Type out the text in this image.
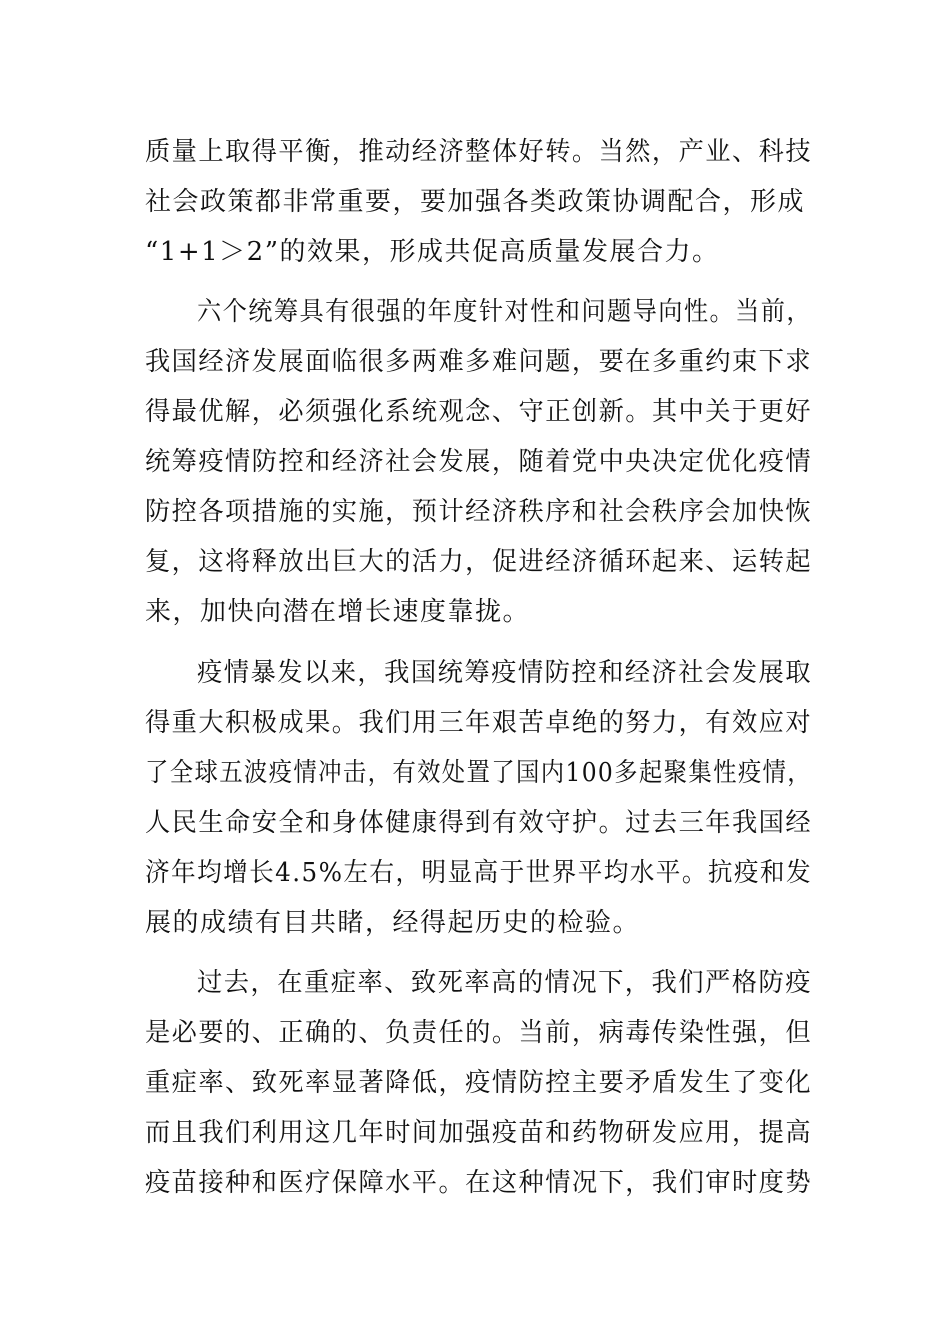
质量上取得平衡，推动经济整体好转。当然，产业、科技
社会政策都非常重要，要加强各类政策协调配合，形成
“1+1＞2”的效果，形成共促高质量发展合力。
六个统筹具有很强的年度针对性和问题导向性。当前，
我国经济发展面临很多两难多难问题，要在多重约束下求
得最优解，必须强化系统观念、守正创新。其中关于更好
统筹疫情防控和经济社会发展，随着党中央决定优化疫情
防控各项措施的实施，预计经济秩序和社会秩序会加快恢
复，这将释放出巨大的活力，促进经济循环起来、运转起
来，加快向潜在增长速度靠拢。
疫情暴发以来，我国统筹疫情防控和经济社会发展取
得重大积极成果。我们用三年艰苦卓绝的努力，有效应对
了全球五波疫情冲击，有效处置了国内100多起聚集性疫情，
人民生命安全和身体健康得到有效守护。过去三年我国经
济年均增长4.5%左右，明显高于世界平均水平。抗疫和发
展的成绩有目共睹，经得起历史的检验。
过去，在重症率、致死率高的情况下，我们严格防疫
是必要的、正确的、负责任的。当前，病毒传染性强，但
重症率、致死率显著降低，疫情防控主要矛盾发生了变化
而且我们利用这几年时间加强疫苗和药物研发应用，提高
疫苗接种和医疗保障水平。在这种情况下，我们审时度势
